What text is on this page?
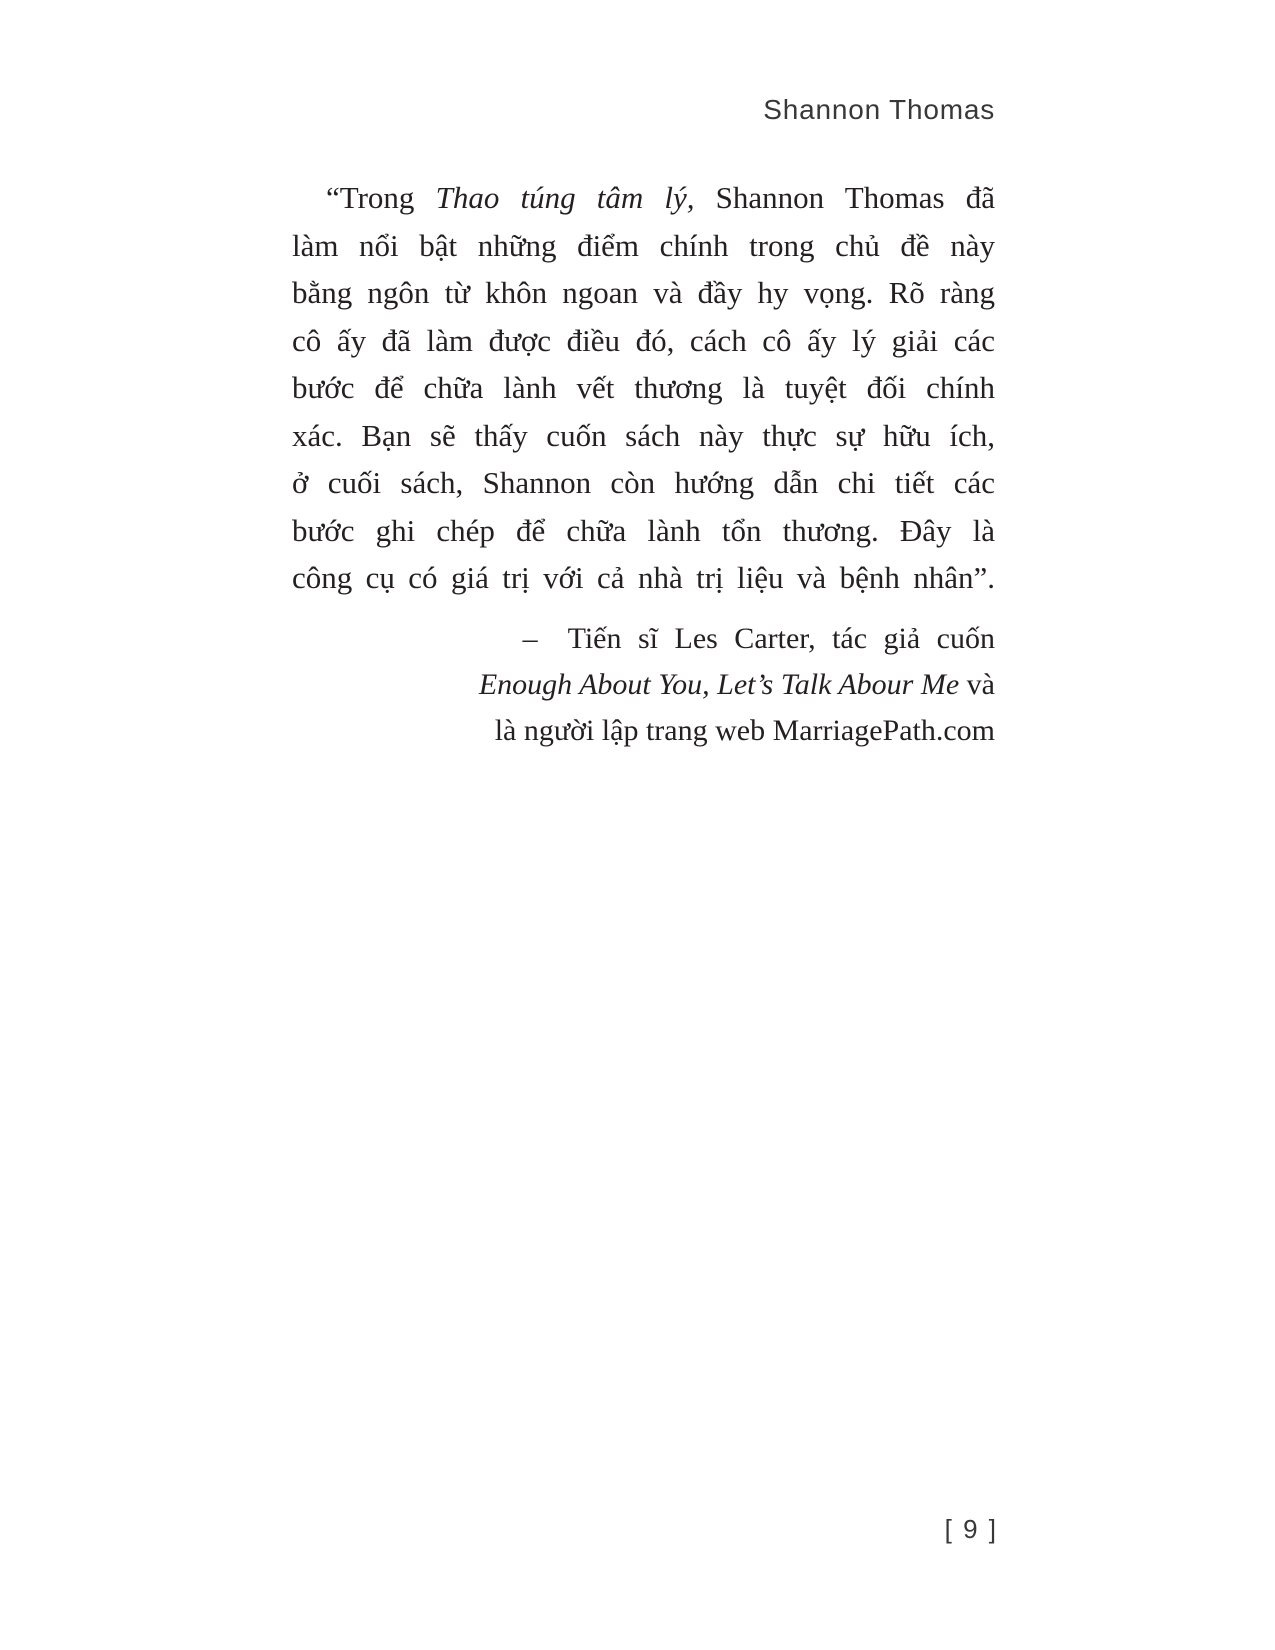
Shannon Thomas
“Trong Thao túng tâm lý, Shannon Thomas đã
làm nổi bật những điểm chính trong chủ đề này
bằng ngôn từ khôn ngoan và đầy hy vọng. Rõ ràng
cô ấy đã làm được điều đó, cách cô ấy lý giải các
bước để chữa lành vết thương là tuyệt đối chính
xác. Bạn sẽ thấy cuốn sách này thực sự hữu ích,
ở cuối sách, Shannon còn hướng dẫn chi tiết các
bước ghi chép để chữa lành tổn thương. Đây là
công cụ có giá trị với cả nhà trị liệu và bệnh nhân”.
– Tiến sĩ Les Carter, tác giả cuốn
Enough About You, Let’s Talk Abour Me và
là người lập trang web MarriagePath.com
[ 9 ]
